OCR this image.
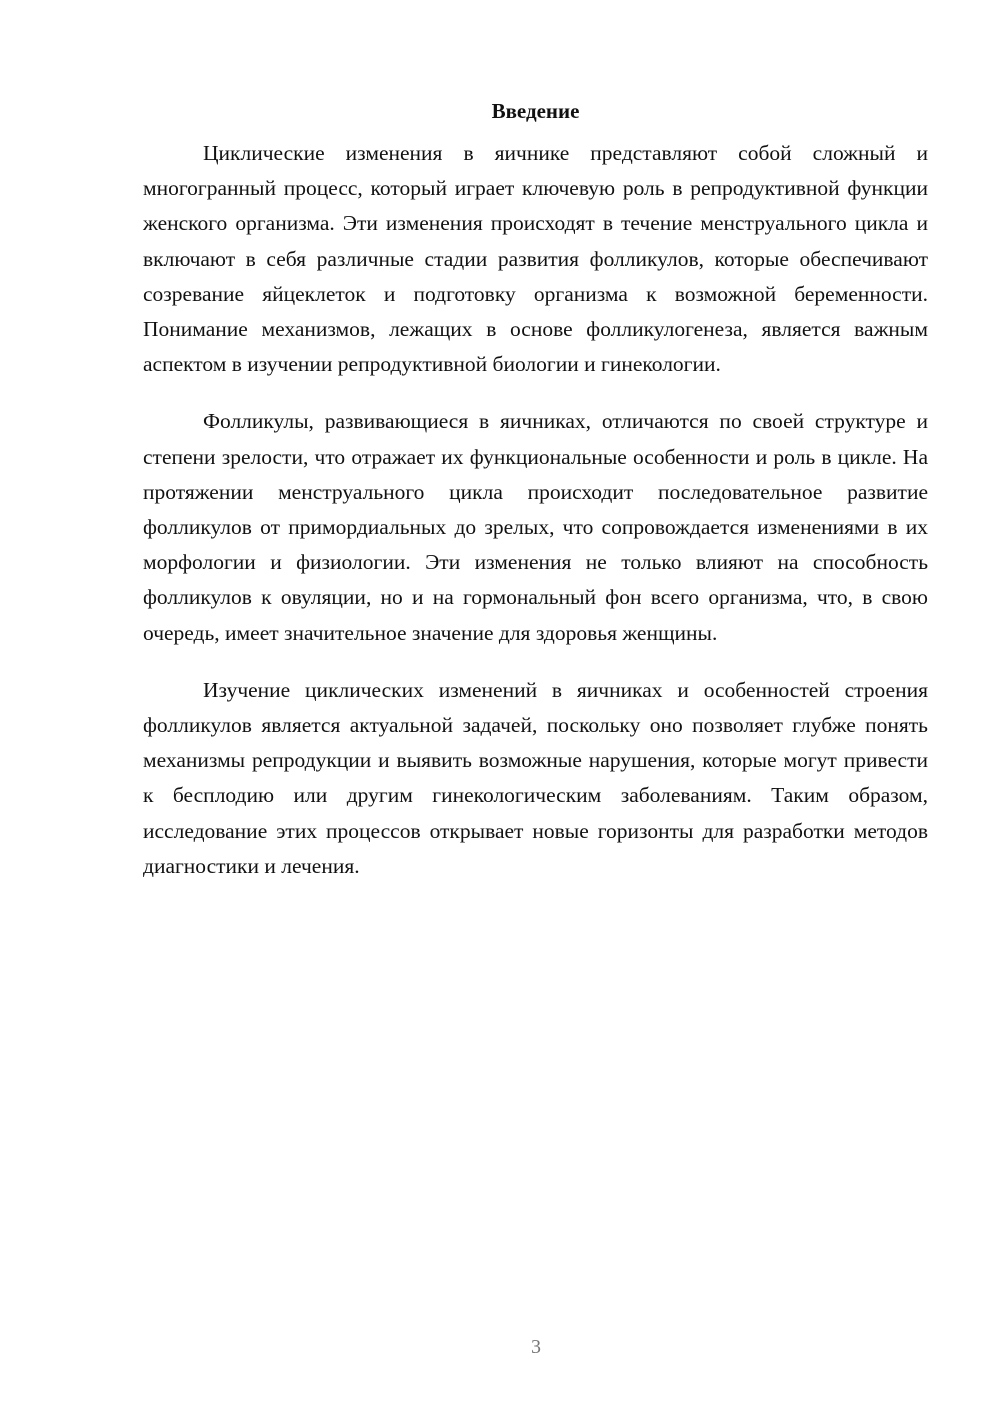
Введение

Циклические изменения в яичнике представляют собой сложный и многогранный процесс, который играет ключевую роль в репродуктивной функции женского организма. Эти изменения происходят в течение менструального цикла и включают в себя различные стадии развития фолликулов, которые обеспечивают созревание яйцеклеток и подготовку организма к возможной беременности. Понимание механизмов, лежащих в основе фолликулогенеза, является важным аспектом в изучении репродуктивной биологии и гинекологии.

Фолликулы, развивающиеся в яичниках, отличаются по своей структуре и степени зрелости, что отражает их функциональные особенности и роль в цикле. На протяжении менструального цикла происходит последовательное развитие фолликулов от примордиальных до зрелых, что сопровождается изменениями в их морфологии и физиологии. Эти изменения не только влияют на способность фолликулов к овуляции, но и на гормональный фон всего организма, что, в свою очередь, имеет значительное значение для здоровья женщины.

Изучение циклических изменений в яичниках и особенностей строения фолликулов является актуальной задачей, поскольку оно позволяет глубже понять механизмы репродукции и выявить возможные нарушения, которые могут привести к бесплодию или другим гинекологическим заболеваниям. Таким образом, исследование этих процессов открывает новые горизонты для разработки методов диагностики и лечения.

3
